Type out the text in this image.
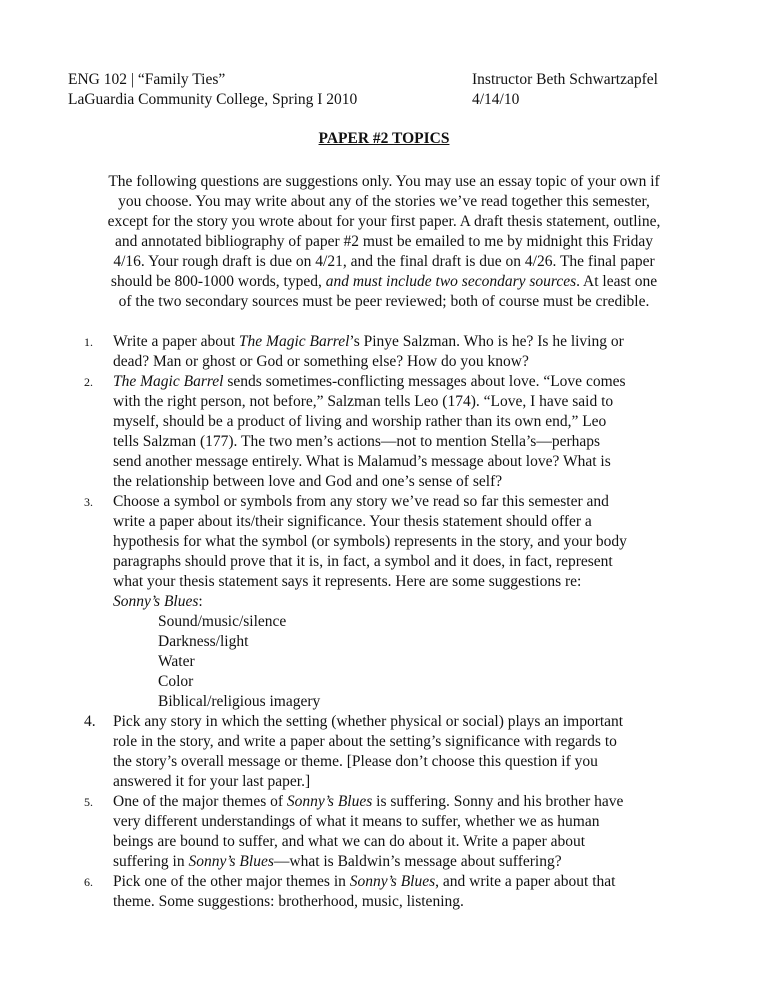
ENG 102 | “Family Ties”
LaGuardia Community College, Spring I 2010
Instructor Beth Schwartzapfel
4/14/10
PAPER #2 TOPICS
The following questions are suggestions only. You may use an essay topic of your own if
you choose. You may write about any of the stories we’ve read together this semester,
except for the story you wrote about for your first paper. A draft thesis statement, outline,
and annotated bibliography of paper #2 must be emailed to me by midnight this Friday
4/16. Your rough draft is due on 4/21, and the final draft is due on 4/26. The final paper
should be 800-1000 words, typed, and must include two secondary sources. At least one
of the two secondary sources must be peer reviewed; both of course must be credible.
1.	Write a paper about The Magic Barrel’s Pinye Salzman. Who is he? Is he living or
dead? Man or ghost or God or something else? How do you know?
2.	The Magic Barrel sends sometimes-conflicting messages about love. “Love comes
with the right person, not before,” Salzman tells Leo (174). “Love, I have said to
myself, should be a product of living and worship rather than its own end,” Leo
tells Salzman (177). The two men’s actions—not to mention Stella’s—perhaps
send another message entirely. What is Malamud’s message about love? What is
the relationship between love and God and one’s sense of self?
3.	Choose a symbol or symbols from any story we’ve read so far this semester and
write a paper about its/their significance. Your thesis statement should offer a
hypothesis for what the symbol (or symbols) represents in the story, and your body
paragraphs should prove that it is, in fact, a symbol and it does, in fact, represent
what your thesis statement says it represents. Here are some suggestions re:
Sonny’s Blues:
Sound/music/silence
Darkness/light
Water
Color
Biblical/religious imagery
4.	Pick any story in which the setting (whether physical or social) plays an important
role in the story, and write a paper about the setting’s significance with regards to
the story’s overall message or theme. [Please don’t choose this question if you
answered it for your last paper.]
5.	One of the major themes of Sonny’s Blues is suffering. Sonny and his brother have
very different understandings of what it means to suffer, whether we as human
beings are bound to suffer, and what we can do about it. Write a paper about
suffering in Sonny’s Blues—what is Baldwin’s message about suffering?
6.	Pick one of the other major themes in Sonny’s Blues, and write a paper about that
theme. Some suggestions: brotherhood, music, listening.
